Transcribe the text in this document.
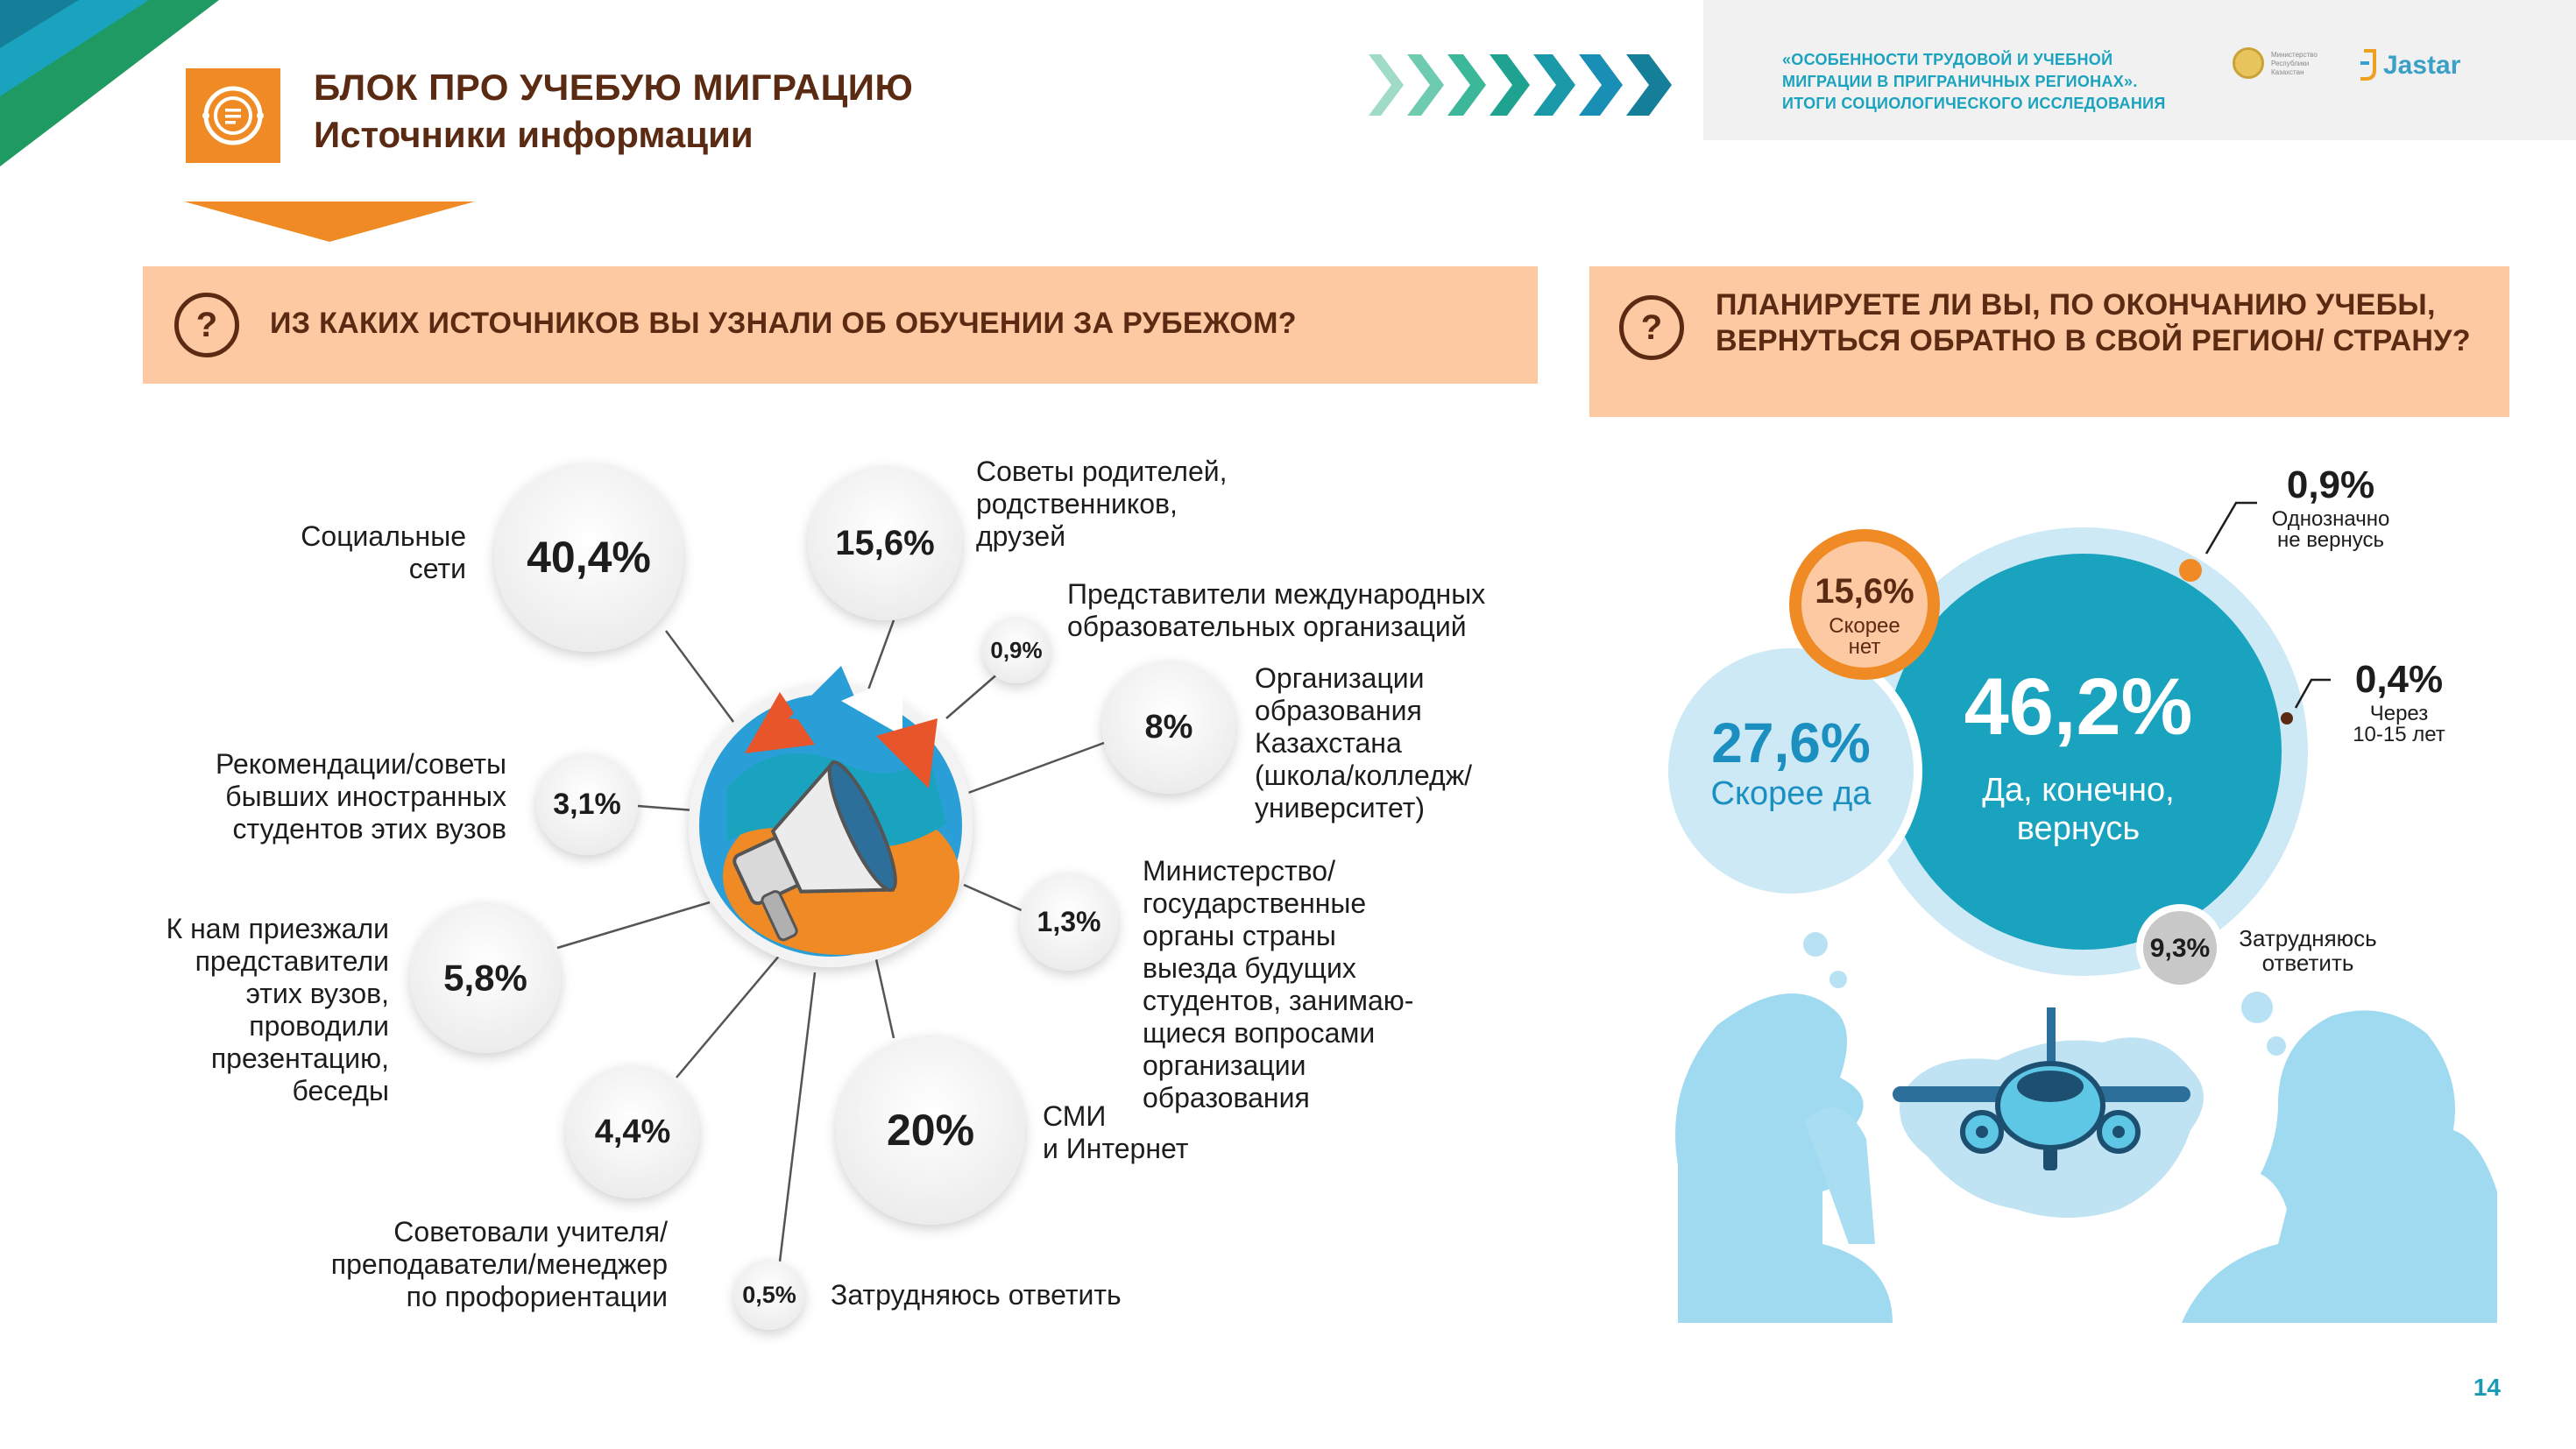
БЛОК ПРО УЧЕБУЮ МИГРАЦИЮ
Источники информации
«ОСОБЕННОСТИ ТРУДОВОЙ И УЧЕБНОЙ
МИГРАЦИИ В ПРИГРАНИЧНЫХ РЕГИОНАХ».
ИТОГИ СОЦИОЛОГИЧЕСКОГО ИССЛЕДОВАНИЯ
Министерство
Республики
Казахстан	Jastar
?	ИЗ КАКИХ ИСТОЧНИКОВ ВЫ УЗНАЛИ ОБ ОБУЧЕНИИ ЗА РУБЕЖОМ?	?
ПЛАНИРУЕТЕ ЛИ ВЫ, ПО ОКОНЧАНИЮ УЧЕБЫ, ВЕРНУТЬСЯ ОБРАТНО В СВОЙ РЕГИОН/ СТРАНУ?
40,4%	15,6%
0,9%
8%
1,3%
20%
0,5%
4,4%
5,8%
3,1%
Социальные
сети
Советы родителей,
родственников,
друзей
Представители международных
образовательных организаций
Организации
образования
Казахстана
(школа/колледж/
университет)
Министерство/
государственные
органы страны
выезда будущих
студентов, занимаю-
щиеся вопросами
организации
образования
СМИ
и Интернет
Затрудняюсь ответить
Советовали учителя/
преподаватели/менеджер
по профориентации
К нам приезжали
представители
этих вузов,
проводили
презентацию,
беседы
Рекомендации/советы
бывших иностранных
студентов этих вузов
46,2%
Да, конечно,
вернусь
27,6%
Скорее да
15,6%
Скорее
нет
9,3% Затрудняюсь
ответить
0,9%
Однозначно
не вернусь
0,4%
Через
10-15 лет
14
